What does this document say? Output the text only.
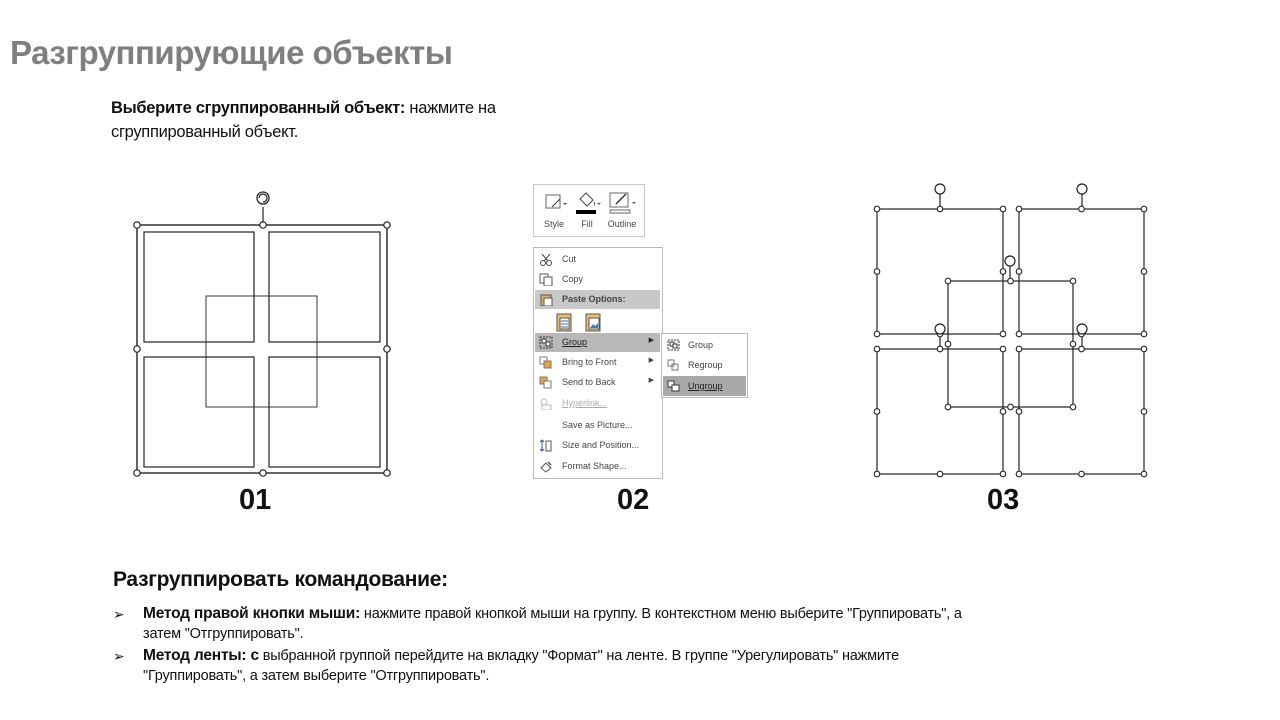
Разгруппирующие объекты
Выберите сгруппированный объект: нажмите на
сгруппированный объект.
Style	Fill	Outline
Cut
Copy
Paste Options:
Group	▶
Bring to Front	▶
Send to Back	▶
Hyperlink...
Save as Picture...
Size and Position...
Format Shape...
Group
Regroup
Ungroup
01	02	03
Разгруппировать командование:
➢ Метод правой кнопки мыши: нажмите правой кнопкой мыши на группу. В контекстном меню выберите "Группировать", а
затем "Отгруппировать".
➢ Метод ленты: с выбранной группой перейдите на вкладку "Формат" на ленте. В группе "Урегулировать" нажмите
"Группировать", а затем выберите "Отгруппировать".
